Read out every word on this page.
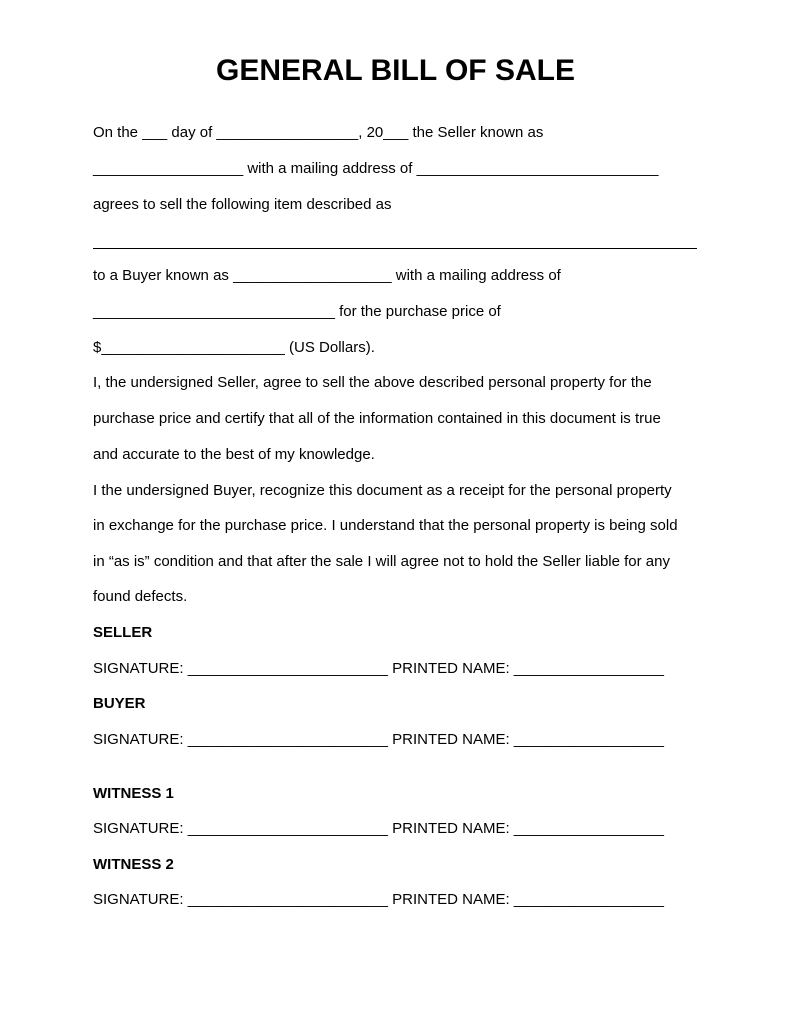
GENERAL BILL OF SALE

On the ___ day of _________________, 20___ the Seller known as

__________________ with a mailing address of _____________________________

agrees to sell the following item described as

to a Buyer known as ___________________ with a mailing address of

_____________________________ for the purchase price of

$______________________ (US Dollars).

I, the undersigned Seller, agree to sell the above described personal property for the

purchase price and certify that all of the information contained in this document is true

and accurate to the best of my knowledge.

I the undersigned Buyer, recognize this document as a receipt for the personal property

in exchange for the purchase price. I understand that the personal property is being sold

in “as is” condition and that after the sale I will agree not to hold the Seller liable for any

found defects.

SELLER

SIGNATURE: ________________________ PRINTED NAME: __________________

BUYER

SIGNATURE: ________________________ PRINTED NAME: __________________

WITNESS 1

SIGNATURE: ________________________ PRINTED NAME: __________________

WITNESS 2

SIGNATURE: ________________________ PRINTED NAME: __________________
